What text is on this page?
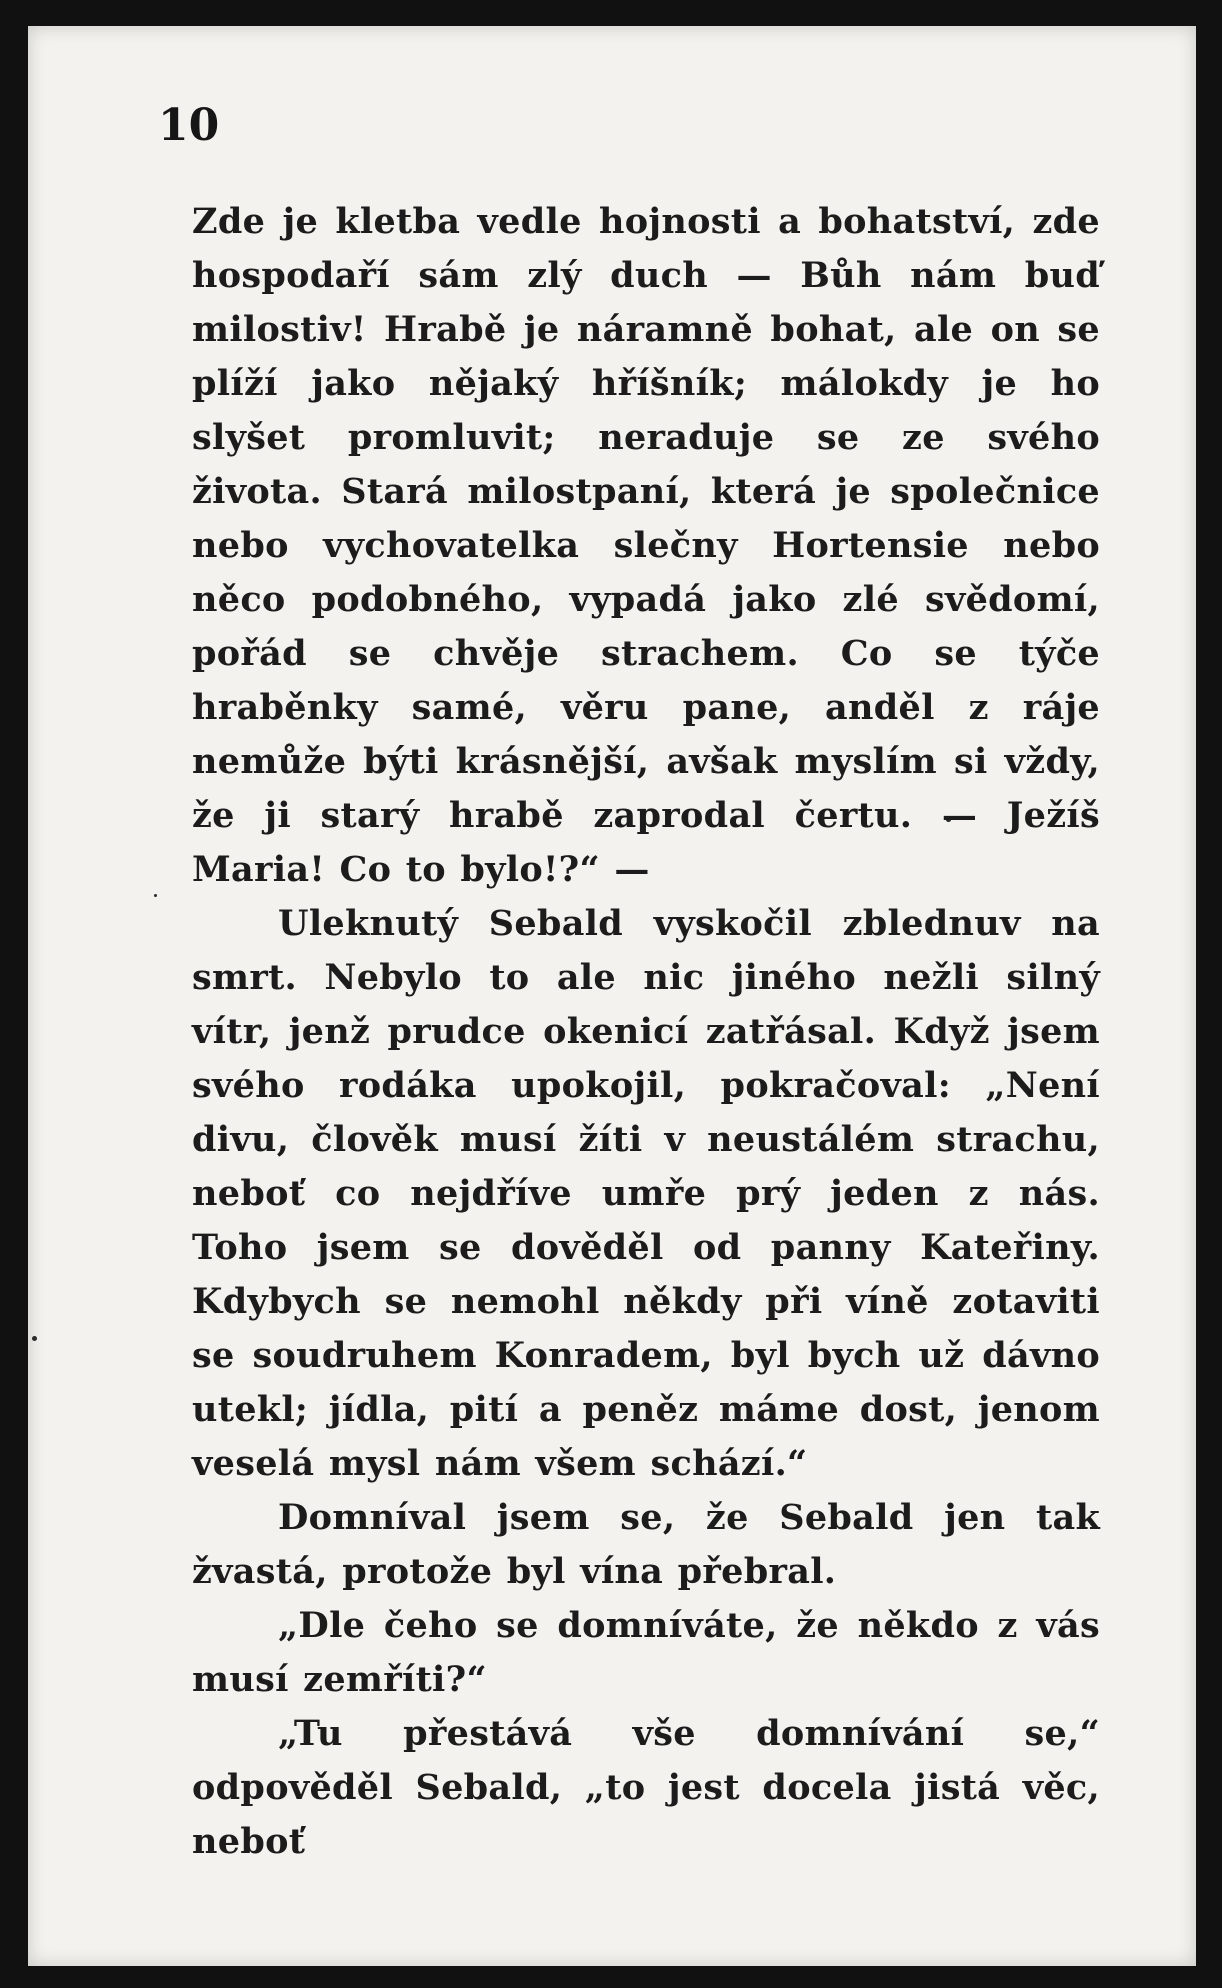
10

Zde je kletba vedle hojnosti a bohatství, zde hospodaří sám zlý duch — Bůh nám buď milostiv! Hrabě je náramně bohat, ale on se plíží jako nějaký hříšník; málokdy je ho slyšet promluvit; neraduje se ze svého života. Stará milostpaní, která je společnice nebo vychovatelka slečny Hortensie nebo něco podobného, vypadá jako zlé svědomí, pořád se chvěje strachem. Co se týče hraběnky samé, věru pane, anděl z ráje nemůže býti krásnější, avšak myslím si vždy, že ji starý hrabě zaprodal čertu. — Ježíš Maria! Co to bylo!?“ —

Uleknutý Sebald vyskočil zblednuv na smrt. Nebylo to ale nic jiného nežli silný vítr, jenž prudce okenicí zatřásal. Když jsem svého rodáka upokojil, pokračoval: „Není divu, člověk musí žíti v neustálém strachu, neboť co nejdříve umře prý jeden z nás. Toho jsem se dověděl od panny Kateřiny. Kdybych se nemohl někdy při víně zotaviti se soudruhem Konradem, byl bych už dávno utekl; jídla, pití a peněz máme dost, jenom veselá mysl nám všem schází.“

Domníval jsem se, že Sebald jen tak žvastá, protože byl vína přebral.

„Dle čeho se domníváte, že někdo z vás musí zemříti?“

„Tu přestává vše domnívání se,“ odpověděl Sebald, „to jest docela jistá věc, neboť
